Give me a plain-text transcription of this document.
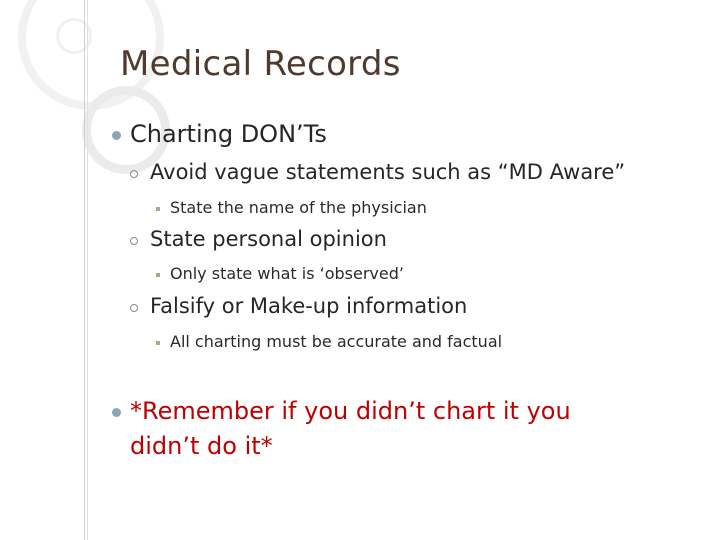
Medical Records
Charting DON’Ts
Avoid vague statements such as “MD Aware”
State the name of the physician
State personal opinion
Only state what is ‘observed’
Falsify or Make-up information
All charting must be accurate and factual
*Remember if you didn’t chart it you
didn’t do it*
